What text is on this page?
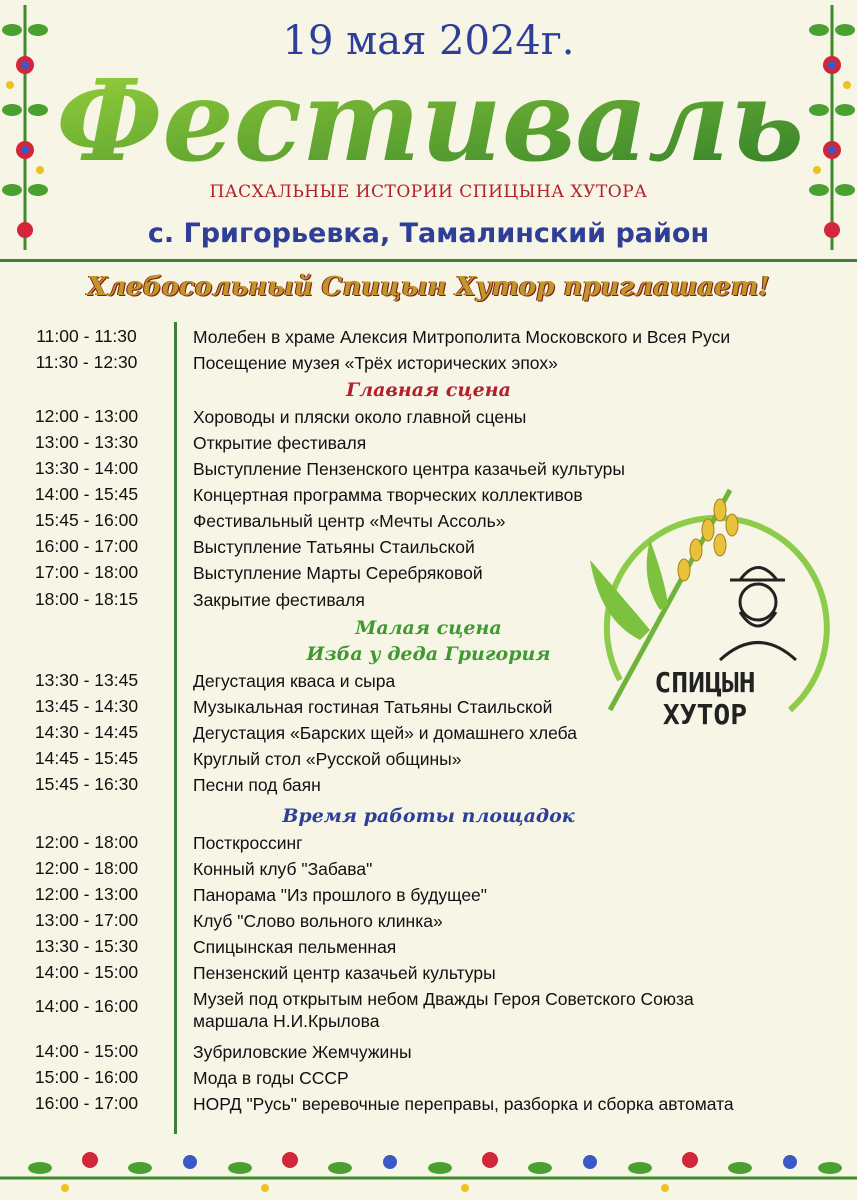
19 мая 2024г.
Фестиваль
ПАСХАЛЬНЫЕ ИСТОРИИ СПИЦЫНА ХУТОРА
с. Григорьевка, Тамалинский район
Хлебосольный Спицын Хутор приглашает!
11:00 - 11:30	Молебен в храме Алексия Митрополита Московского и Всея Руси
11:30 - 12:30	Посещение музея «Трёх исторических эпох»
Главная сцена
12:00 - 13:00	Хороводы и пляски около главной сцены
13:00 - 13:30	Открытие фестиваля
13:30 - 14:00	Выступление Пензенского центра казачьей культуры
14:00 - 15:45	Концертная программа творческих коллективов
15:45 - 16:00	Фестивальный центр «Мечты Ассоль»
16:00 - 17:00	Выступление Татьяны Стаильской
17:00 - 18:00	Выступление Марты Серебряковой
18:00 - 18:15	Закрытие фестиваля
Малая сцена
Изба у деда Григория
13:30 - 13:45	Дегустация кваса и сыра
13:45 - 14:30	Музыкальная гостиная Татьяны Стаильской
14:30 - 14:45	Дегустация «Барских щей» и домашнего хлеба
14:45 - 15:45	Круглый стол «Русской общины»
15:45 - 16:30	Песни под баян
Время работы площадок
12:00 - 18:00	Посткроссинг
12:00 - 18:00	Конный клуб "Забава"
12:00 - 13:00	Панорама "Из прошлого в будущее"
13:00 - 17:00	Клуб "Слово вольного клинка»
13:30 - 15:30	Спицынская пельменная
14:00 - 15:00	Пензенский центр казачьей культуры
14:00 - 16:00	Музей под открытым небом Дважды Героя Советского Союза
маршала Н.И.Крылова
14:00 - 15:00	Зубриловские Жемчужины
15:00 - 16:00	Мода в годы СССР
16:00 - 17:00	НОРД "Русь" веревочные переправы, разборка и сборка автомата
СПИЦЫН
ХУТОР
